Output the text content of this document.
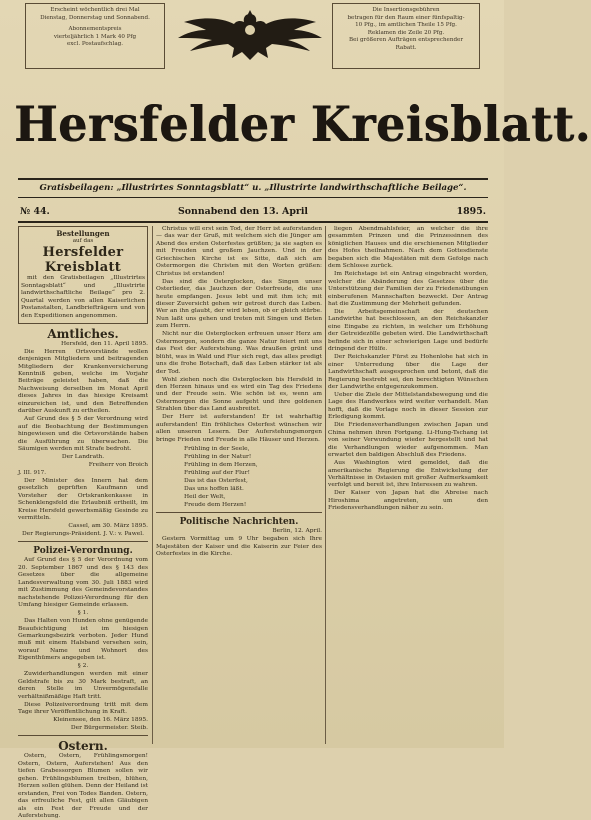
Erscheint wöchentlich drei Mal

Dienstag, Donnerstag und Sonnabend.

Abonnementspreis

vierteljährlich 1 Mark 40 Pfg

excl. Postaufschlag.

Die Insertionsgebühren

betragen für den Raum einer fünfspaltig-

10 Pfg., im amtlichen Theile 15 Pfg.

Reklamen die Zeile 20 Pfg.

Bei größeren Aufträgen entsprechender

Rabatt.

Hersfelder Kreisblatt.
Gratisbeilagen: „Illustrirtes Sonntagsblatt“ u. „Illustrirte landwirthschaftliche Beilage“.
№ 44.	Sonnabend den 13. April	1895.
Bestellungen
auf das
Hersfelder Kreisblatt

mit den Gratisbeilagen „Illustrirtes Sonntagsblatt“ und „Illustrirte landwirthschaftliche Beilage“ pro 2. Quartal werden von allen Kaiserlichen Postanstalten, Landbriefträgern und von den Expeditionen angenommen.

Amtliches.

Hersfeld, den 11. April 1895.

Die Herren Ortsvorstände wollen denjenigen Mitgliedern und beitragenden Mitgliedern der Krankenversicherung Kenntniß geben, welche im Vorjahr Beiträge geleistet haben, daß die Nachweisung derselben im Monat April dieses Jahres in das hiesige Kreisamt einzureichen ist, und den Betreffenden darüber Auskunft zu ertheilen.

Auf Grund des § 5 der Verordnung wird auf die Beobachtung der Bestimmungen hingewiesen und die Ortsvorstände haben die Ausführung zu überwachen. Die Säumigen werden mit Strafe bedroht.

Der Landrath.

Freiherr von Broich

J. III. 917.

Der Minister des Innern hat dem gesetzlich geprüften Kaufmann und Vorsteher der Ortskrankenkasse in Schenklengsfeld die Erlaubniß ertheilt, im Kreise Hersfeld gewerbsmäßig Gesinde zu vermitteln.

Cassel, am 30. März 1895.

Der Regierungs-Präsident. J. V.: v. Pawel.

Polizei-Verordnung.

Auf Grund des § 5 der Verordnung vom 20. September 1867 und des § 143 des Gesetzes über die allgemeine Landesverwaltung vom 30. Juli 1883 wird mit Zustimmung des Gemeindevorstandes nachstehende Polizei-Verordnung für den Umfang hiesiger Gemeinde erlassen.

§ 1.

Das Halten von Hunden ohne genügende Beaufsichtigung ist im hiesigen Gemarkungsbezirk verboten. Jeder Hund muß mit einem Halsband versehen sein, worauf Name und Wohnort des Eigenthümers angegeben ist.

§ 2.

Zuwiderhandlungen werden mit einer Geldstrafe bis zu 30 Mark bestraft, an deren Stelle im Unvermögensfalle verhältnißmäßige Haft tritt.

Diese Polizeiverordnung tritt mit dem Tage ihrer Veröffentlichung in Kraft.

Kleinensee, den 16. März 1895.

Der Bürgermeister. Steib.

Ostern.

Ostern, Ostern, Frühlingsmorgen! Ostern, Ostern, Auferstehen! Aus den tiefen Grabessorgen Blumen sollen wir gehen. Frühlingsblumen treiben, blühen, Herzen sollen glühen. Denn der Heiland ist erstanden, Frei von Todes Banden. Ostern, das erfreuliche Fest, gilt allen Gläubigen als ein Fest der Freude und der Auferstehung.

Christus will erst sein Tod, der Herr ist auferstanden — das war der Gruß, mit welchem sich die Jünger am Abend des ersten Osterfestes grüßten; ja sie sagten es mit Freuden und großem Jauchzen. Und in der Griechischen Kirche ist es Sitte, daß sich am Ostermorgen die Christen mit den Worten grüßen: Christus ist erstanden!

Das sind die Osterglocken, das Singen unser Osterlieder, das Jauchzen der Osterfreude, die uns heute empfangen. Jesus lebt und mit ihm ich; mit dieser Zuversicht gehen wir getrost durch das Leben. Wer an ihn glaubt, der wird leben, ob er gleich stürbe. Nun laßt uns gehen und treten mit Singen und Beten zum Herrn.

Nicht nur die Osterglocken erfreuen unser Herz am Ostermorgen, sondern die ganze Natur feiert mit uns das Fest der Auferstehung. Was draußen grünt und blüht, was in Wald und Flur sich regt, das alles predigt uns die frohe Botschaft, daß das Leben stärker ist als der Tod.

Wohl ziehen noch die Osterglocken bis Hersfeld in den Herzen hinaus und es wird ein Tag des Friedens und der Freude sein. Wie schön ist es, wenn am Ostermorgen die Sonne aufgeht und ihre goldenen Strahlen über das Land ausbreitet.

Der Herr ist auferstanden! Er ist wahrhaftig auferstanden! Ein fröhliches Osterfest wünschen wir allen unseren Lesern. Der Auferstehungsmorgen bringe Frieden und Freude in alle Häuser und Herzen.

Frühling in der Seele,

Frühling in der Natur!

Frühling in dem Herzen,

Frühling auf der Flur!

Das ist das Osterfest,

Das uns hoffen läßt.

Heil der Welt,

Freude dem Herzen!

Politische Nachrichten.

Berlin, 12. April.

Gestern Vormittag um 9 Uhr begaben sich Ihre Majestäten der Kaiser und die Kaiserin zur Feier des Osterfestes in die Kirche.

liegen Abendmahlsfeier, an welcher die ihre gesammten Prinzen und die Prinzessinnen des königlichen Hauses und die erschienenen Mitglieder des Hofes theilnahmen. Nach dem Gottesdienste begaben sich die Majestäten mit dem Gefolge nach dem Schlosse zurück.

Im Reichstage ist ein Antrag eingebracht worden, welcher die Abänderung des Gesetzes über die Unterstützung der Familien der zu Friedensübungen einberufenen Mannschaften bezweckt. Der Antrag hat die Zustimmung der Mehrheit gefunden.

Die Arbeitsgemeinschaft der deutschen Landwirthe hat beschlossen, an den Reichskanzler eine Eingabe zu richten, in welcher um Erhöhung der Getreidezölle gebeten wird. Die Landwirthschaft befinde sich in einer schwierigen Lage und bedürfe dringend der Hülfe.

Der Reichskanzler Fürst zu Hohenlohe hat sich in einer Unterredung über die Lage der Landwirthschaft ausgesprochen und betont, daß die Regierung bestrebt sei, den berechtigten Wünschen der Landwirthe entgegenzukommen.

Ueber die Ziele der Mittelstandsbewegung und die Lage des Handwerkes wird weiter verhandelt. Man hofft, daß die Vorlage noch in dieser Session zur Erledigung kommt.

Die Friedensverhandlungen zwischen Japan und China nehmen ihren Fortgang. Li-Hung-Tschang ist von seiner Verwundung wieder hergestellt und hat die Verhandlungen wieder aufgenommen. Man erwartet den baldigen Abschluß des Friedens.

Aus Washington wird gemeldet, daß die amerikanische Regierung die Entwickelung der Verhältnisse in Ostasien mit großer Aufmerksamkeit verfolgt und bereit ist, ihre Interessen zu wahren.

Der Kaiser von Japan hat die Abreise nach Hiroshima angetreten, um den Friedensverhandlungen näher zu sein.
